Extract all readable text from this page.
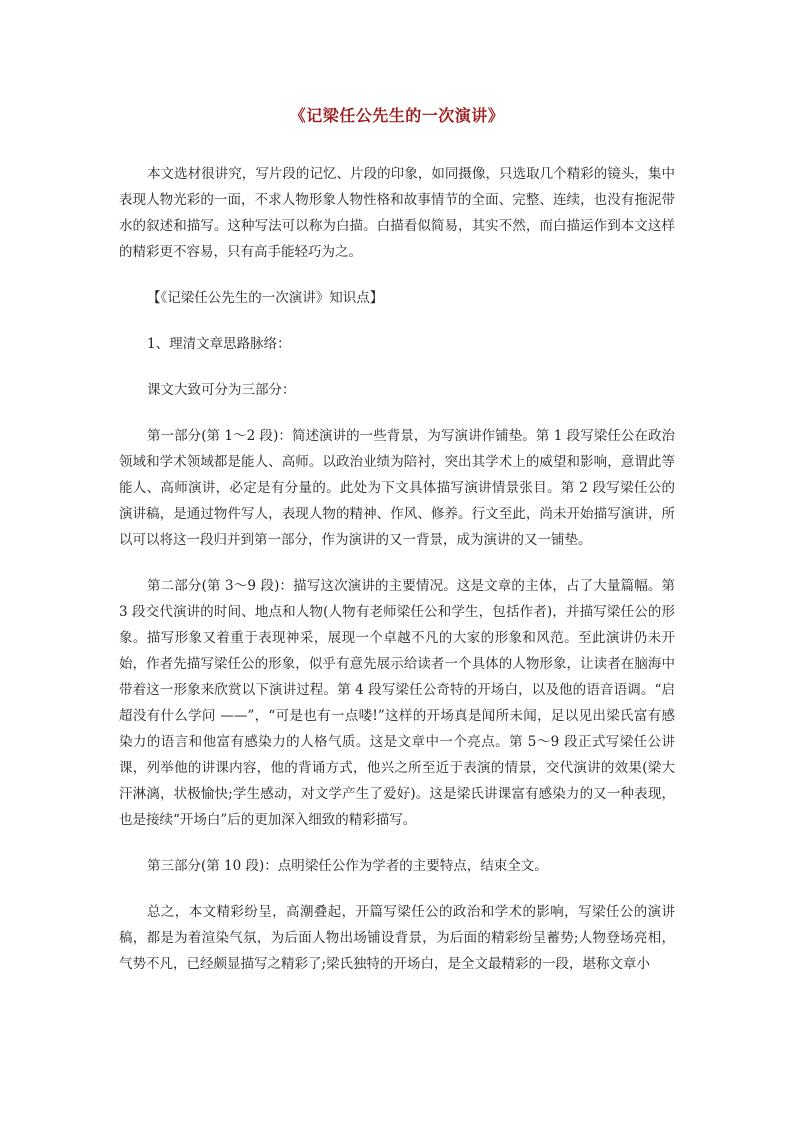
《记梁任公先生的一次演讲》

本文选材很讲究，写片段的记忆、片段的印象，如同摄像，只选取几个精彩的镜头，集中表现人物光彩的一面，不求人物形象人物性格和故事情节的全面、完整、连续，也没有拖泥带水的叙述和描写。这种写法可以称为白描。白描看似简易，其实不然，而白描运作到本文这样的精彩更不容易，只有高手能轻巧为之。

【《记梁任公先生的一次演讲》知识点】

1、理清文章思路脉络：

课文大致可分为三部分：

第一部分(第 1～2 段)：简述演讲的一些背景，为写演讲作铺垫。第 1 段写梁任公在政治领域和学术领域都是能人、高师。以政治业绩为陪衬，突出其学术上的威望和影响，意谓此等能人、高师演讲，必定是有分量的。此处为下文具体描写演讲情景张目。第 2 段写梁任公的演讲稿，是通过物件写人，表现人物的精神、作风、修养。行文至此，尚未开始描写演讲，所以可以将这一段归并到第一部分，作为演讲的又一背景，成为演讲的又一铺垫。

第二部分(第 3～9 段)：描写这次演讲的主要情况。这是文章的主体，占了大量篇幅。第 3 段交代演讲的时间、地点和人物(人物有老师梁任公和学生，包括作者)，并描写梁任公的形象。描写形象又着重于表现神采，展现一个卓越不凡的大家的形象和风范。至此演讲仍未开始，作者先描写梁任公的形象，似乎有意先展示给读者一个具体的人物形象，让读者在脑海中带着这一形象来欣赏以下演讲过程。第 4 段写梁任公奇特的开场白，以及他的语音语调。“启超没有什么学问 ——”，“可是也有一点喽!”这样的开场真是闻所未闻，足以见出梁氏富有感染力的语言和他富有感染力的人格气质。这是文章中一个亮点。第 5～9 段正式写梁任公讲课，列举他的讲课内容，他的背诵方式，他兴之所至近于表演的情景，交代演讲的效果(梁大汗淋漓，状极愉快;学生感动，对文学产生了爱好)。这是梁氏讲课富有感染力的又一种表现，也是接续“开场白”后的更加深入细致的精彩描写。

第三部分(第 10 段)：点明梁任公作为学者的主要特点，结束全文。

总之，本文精彩纷呈，高潮叠起，开篇写梁任公的政治和学术的影响，写梁任公的演讲稿，都是为着渲染气氛，为后面人物出场铺设背景，为后面的精彩纷呈蓄势;人物登场亮相，气势不凡，已经颇显描写之精彩了;梁氏独特的开场白，是全文最精彩的一段，堪称文章小
